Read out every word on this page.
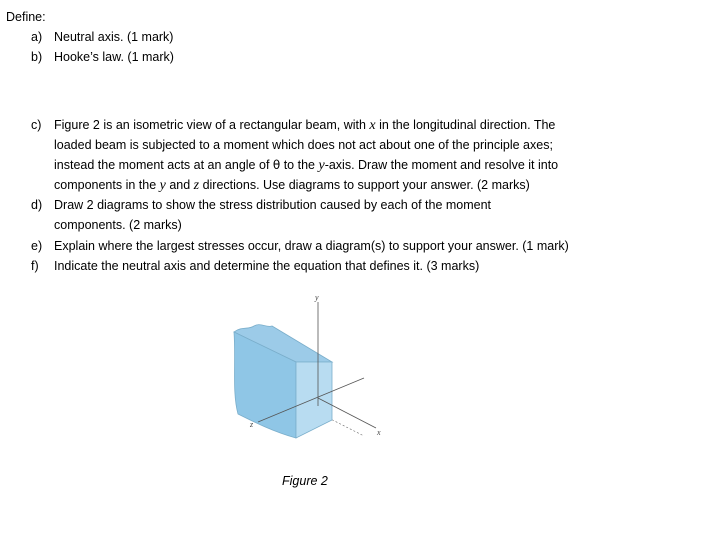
Define:
a) Neutral axis. (1 mark)
b) Hooke’s law. (1 mark)
c) Figure 2 is an isometric view of a rectangular beam, with x in the longitudinal direction. The
loaded beam is subjected to a moment which does not act about one of the principle axes;
instead the moment acts at an angle of θ to the y-axis. Draw the moment and resolve it into
components in the y and z directions. Use diagrams to support your answer. (2 marks)
d) Draw 2 diagrams to show the stress distribution caused by each of the moment
components. (2 marks)
e) Explain where the largest stresses occur, draw a diagram(s) to support your answer. (1 mark)
f) Indicate the neutral axis and determine the equation that defines it. (3 marks)
y
z
x
Figure 2
